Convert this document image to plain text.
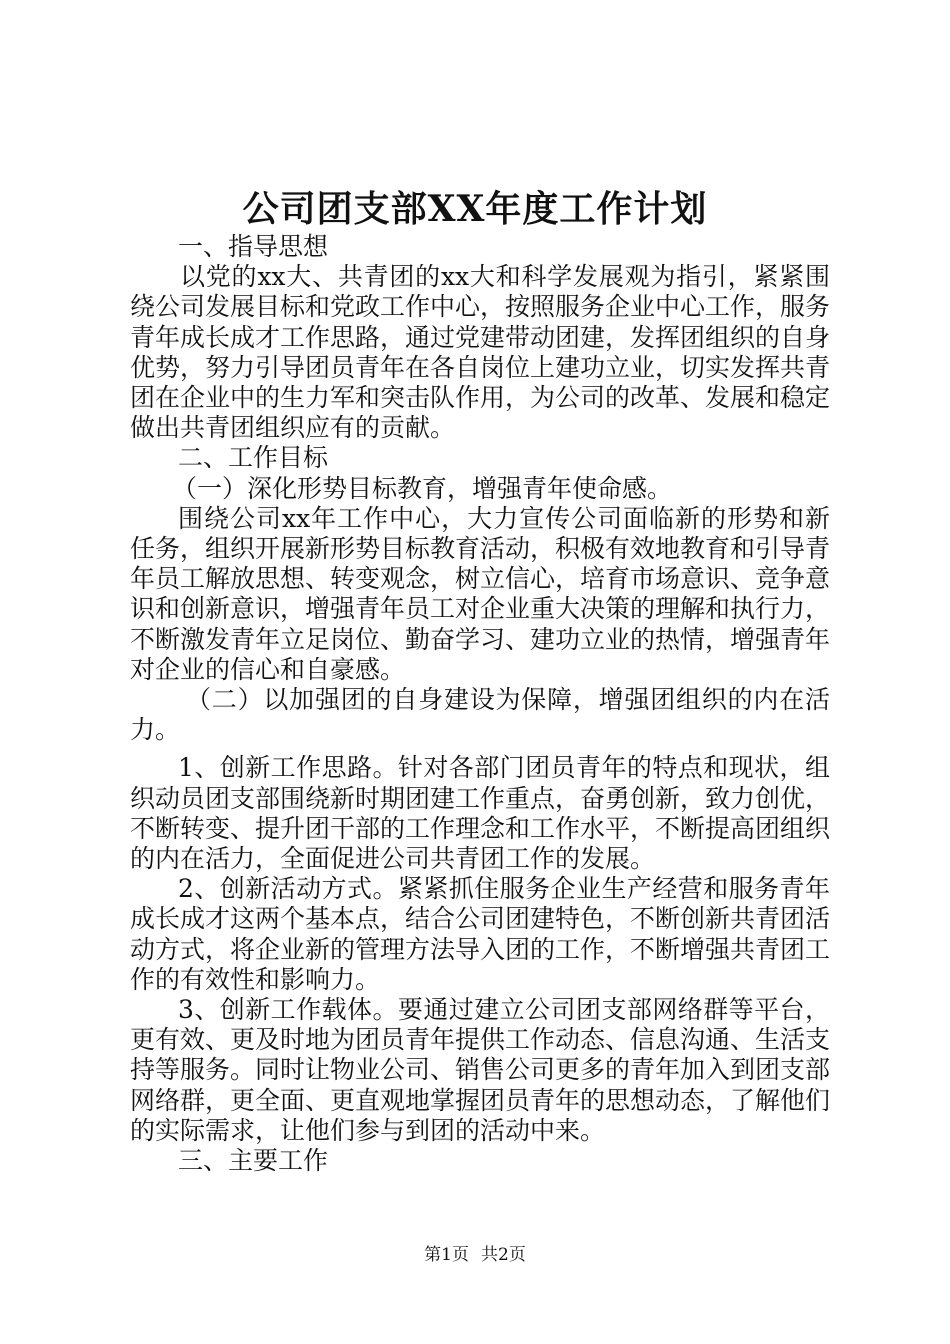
公司团支部XX年度工作计划

一、指导思想

以党的xx大、共青团的xx大和科学发展观为指引，紧紧围绕公司发展目标和党政工作中心，按照服务企业中心工作，服务青年成长成才工作思路，通过党建带动团建，发挥团组织的自身优势，努力引导团员青年在各自岗位上建功立业，切实发挥共青团在企业中的生力军和突击队作用，为公司的改革、发展和稳定做出共青团组织应有的贡献。

二、工作目标

（一）深化形势目标教育，增强青年使命感。

围绕公司xx年工作中心，大力宣传公司面临新的形势和新任务，组织开展新形势目标教育活动，积极有效地教育和引导青年员工解放思想、转变观念，树立信心，培育市场意识、竞争意识和创新意识，增强青年员工对企业重大决策的理解和执行力，不断激发青年立足岗位、勤奋学习、建功立业的热情，增强青年对企业的信心和自豪感。

（二）以加强团的自身建设为保障，增强团组织的内在活力。

1、创新工作思路。针对各部门团员青年的特点和现状，组织动员团支部围绕新时期团建工作重点，奋勇创新，致力创优，不断转变、提升团干部的工作理念和工作水平，不断提高团组织的内在活力，全面促进公司共青团工作的发展。

2、创新活动方式。紧紧抓住服务企业生产经营和服务青年成长成才这两个基本点，结合公司团建特色，不断创新共青团活动方式，将企业新的管理方法导入团的工作，不断增强共青团工作的有效性和影响力。

3、创新工作载体。要通过建立公司团支部网络群等平台，更有效、更及时地为团员青年提供工作动态、信息沟通、生活支持等服务。同时让物业公司、销售公司更多的青年加入到团支部网络群，更全面、更直观地掌握团员青年的思想动态，了解他们的实际需求，让他们参与到团的活动中来。

三、主要工作

第1页 共2页
